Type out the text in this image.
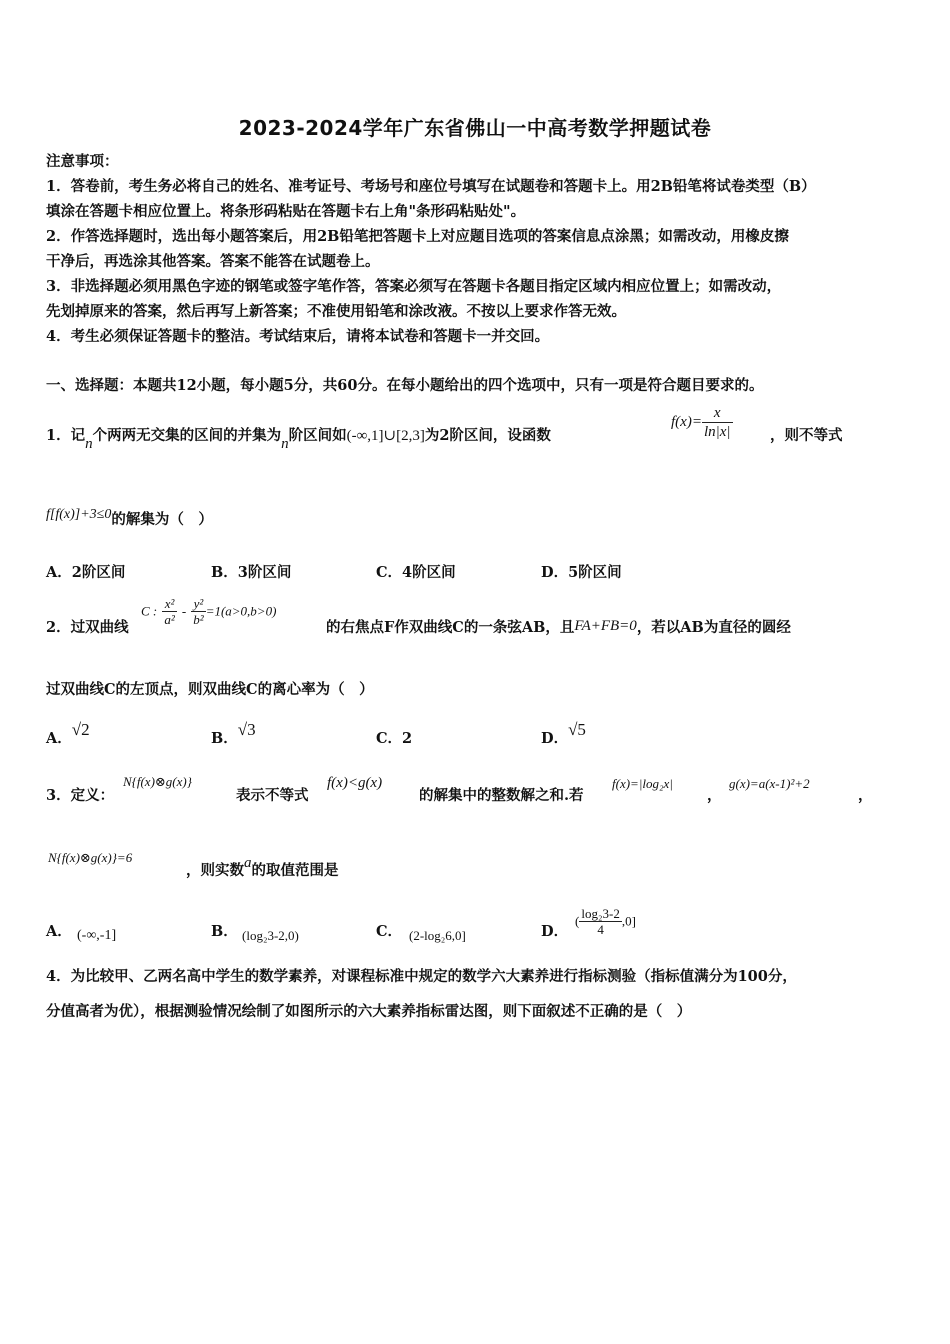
2023-2024学年广东省佛山一中高考数学押题试卷
注意事项：
1．答卷前，考生务必将自己的姓名、准考证号、考场号和座位号填写在试题卷和答题卡上。用2B铅笔将试卷类型（B）
填涂在答题卡相应位置上。将条形码粘贴在答题卡右上角"条形码粘贴处"。
2．作答选择题时，选出每小题答案后，用2B铅笔把答题卡上对应题目选项的答案信息点涂黑；如需改动，用橡皮擦
干净后，再选涂其他答案。答案不能答在试题卷上。
3．非选择题必须用黑色字迹的钢笔或签字笔作答，答案必须写在答题卡各题目指定区域内相应位置上；如需改动，
先划掉原来的答案，然后再写上新答案；不准使用铅笔和涂改液。不按以上要求作答无效。
4．考生必须保证答题卡的整洁。考试结束后，请将本试卷和答题卡一并交回。
一、选择题：本题共12小题，每小题5分，共60分。在每小题给出的四个选项中，只有一项是符合题目要求的。
1．记n个两两无交集的区间的并集为n阶区间如(-∞,1]∪[2,3]为2阶区间，设函数
$f(x)= \frac{x}{\ln|x|}$	，则不等式
f[f(x)]+3≤0的解集为（　）
A．2阶区间	B．3阶区间	C．4阶区间	D．5阶区间
2．过双曲线
C : $\frac{\text{x²}}{\text{a²}} - \frac{\text{y²}}{\text{b²}} =1(a>0,b>0)$
的右焦点F作双曲线C的一条弦AB，且FA+FB=0，若以AB为直径的圆经
过双曲线C的左顶点，则双曲线C的离心率为（　）
A．√2	B．√3	C．2	D．√5
3．定义：
N{f(x)⊗g(x)}
表示不等式
f(x)<g(x)
的解集中的整数解之和.若
f(x)=|log₂x|
，
g(x)=a(x-1)²+2
，
N{f(x)⊗g(x)}=6
，则实数a的取值范围是
A． (-∞,-1]	B． (log₂3-2,0)	C． (2-log₂6,0]	D．
( $\frac{\text{log₂3-2}}{4} ,0$]
4．为比较甲、乙两名高中学生的数学素养，对课程标准中规定的数学六大素养进行指标测验（指标值满分为100分，
分值高者为优），根据测验情况绘制了如图所示的六大素养指标雷达图，则下面叙述不正确的是（　）
